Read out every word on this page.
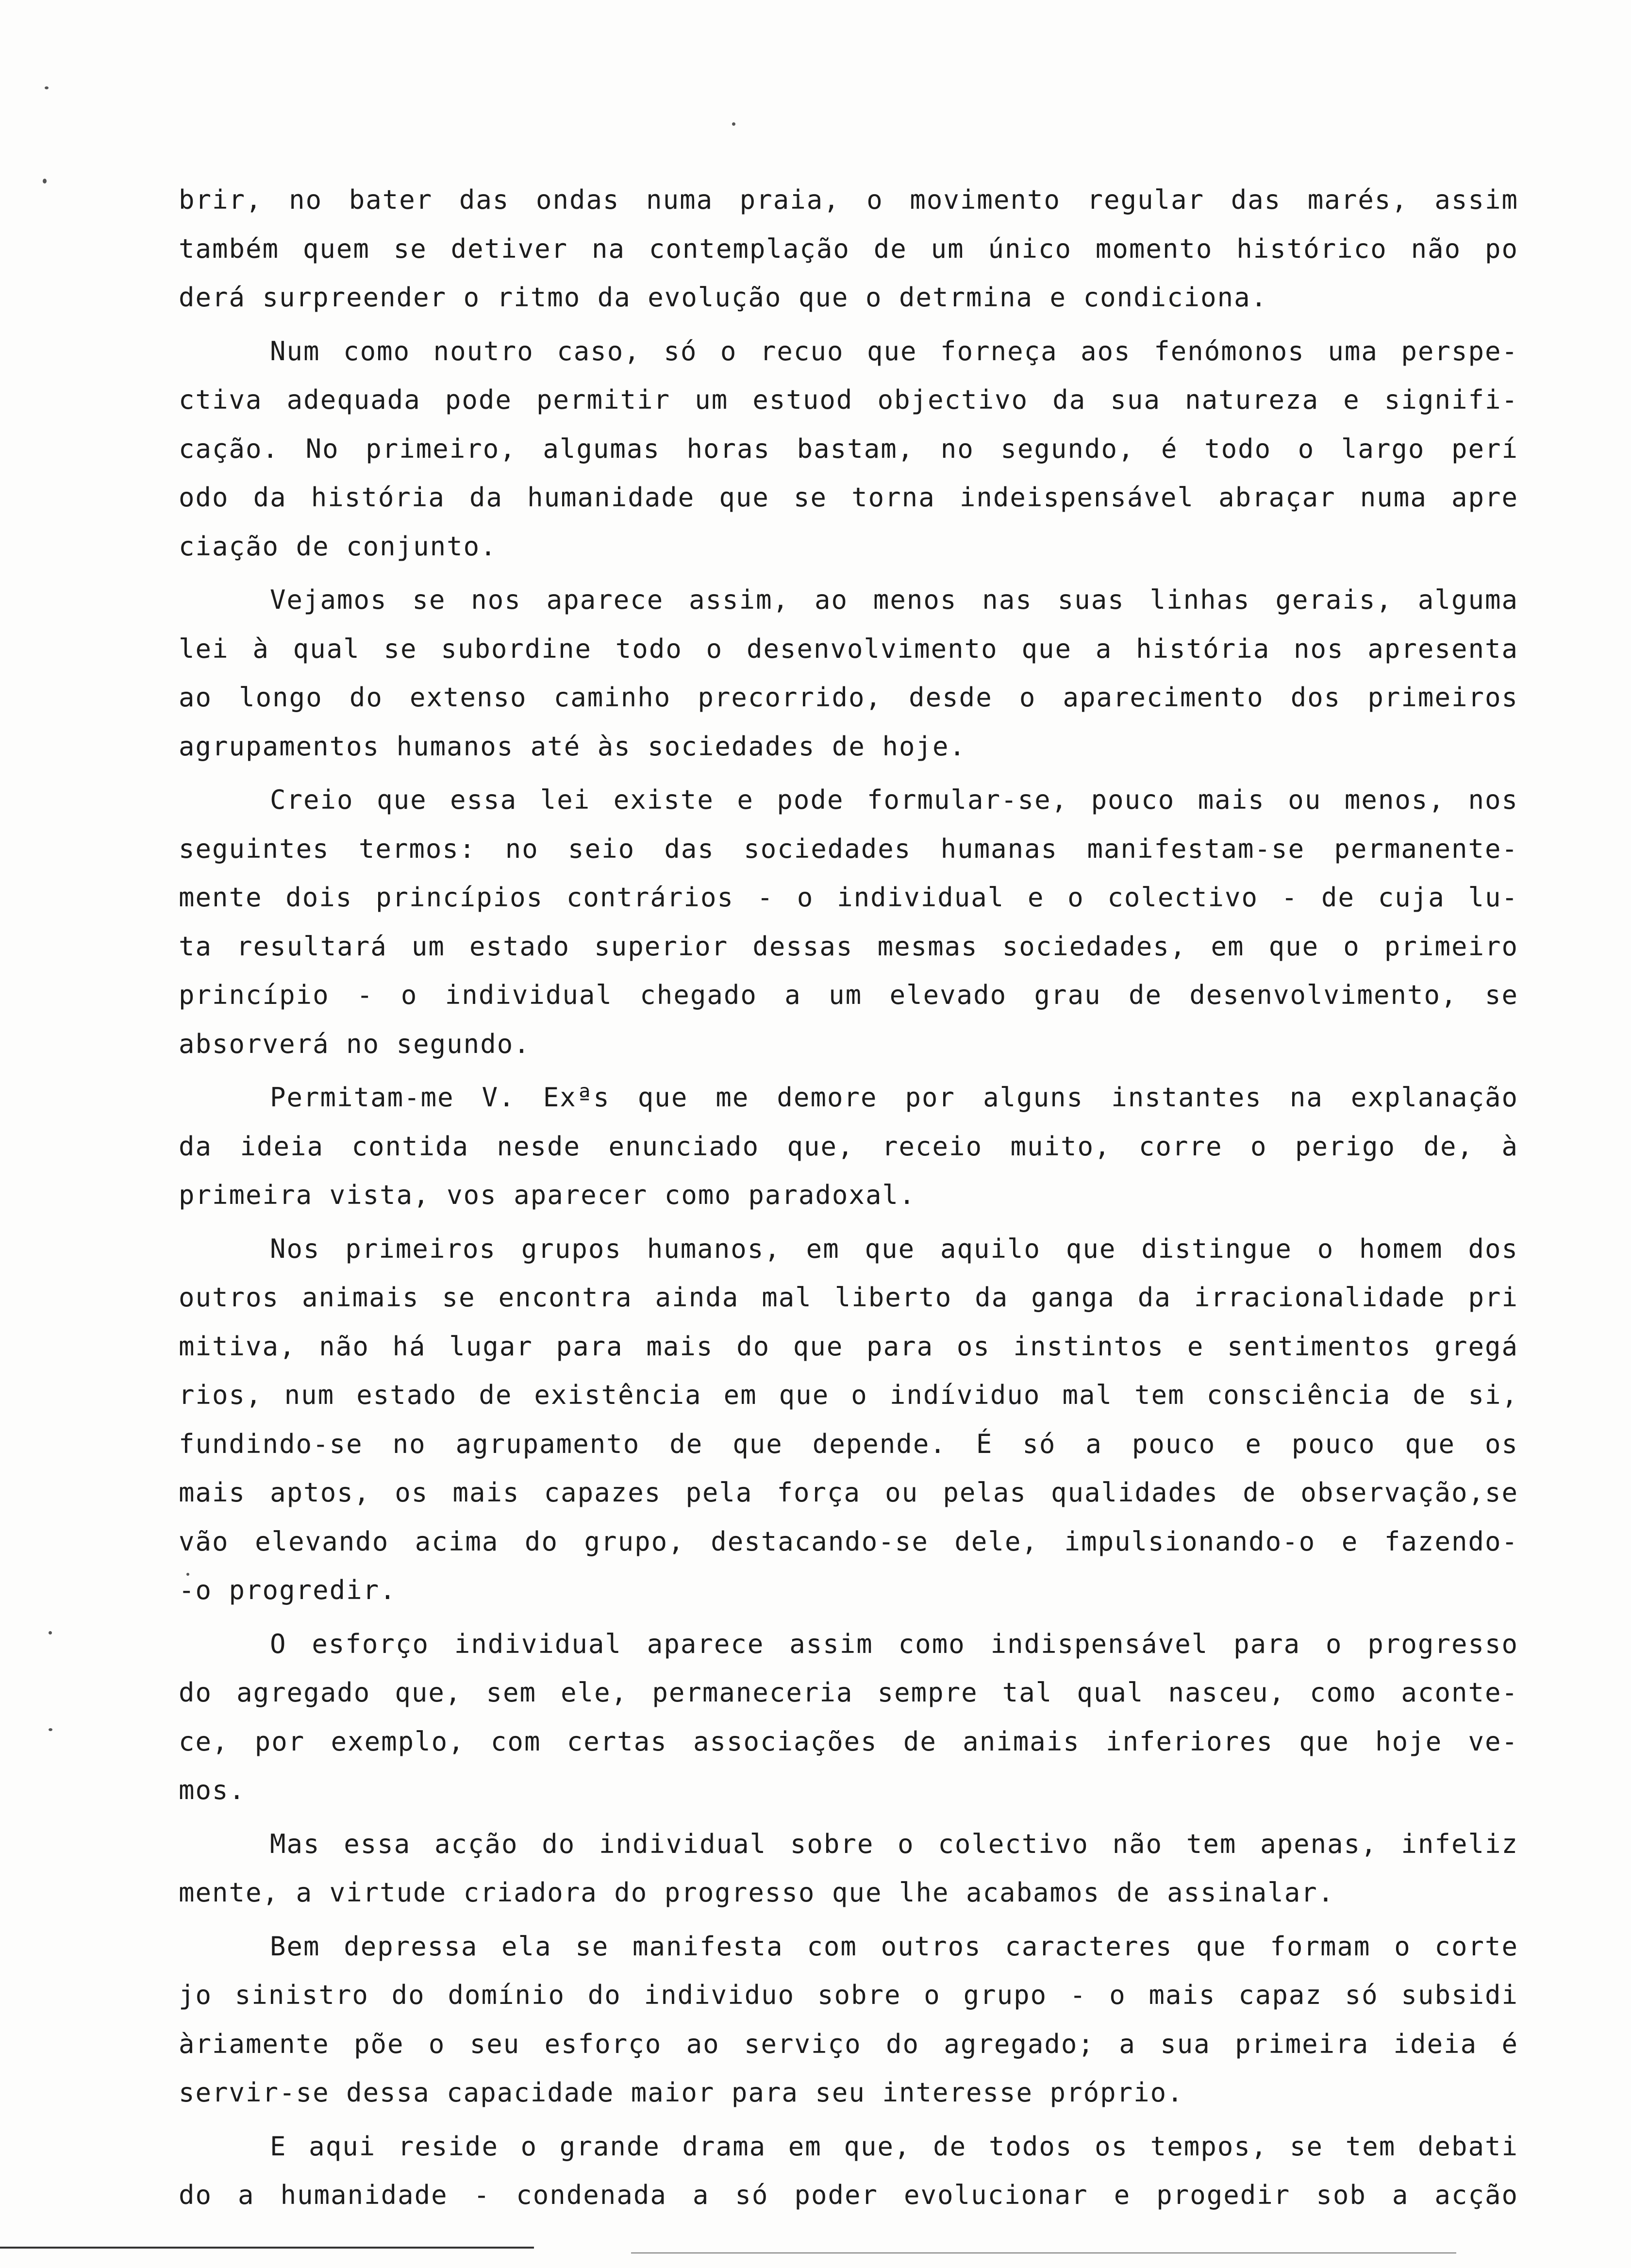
brir, no bater das ondas numa praia, o movimento regular das marés, assim
também quem se detiver na contemplação de um único momento histórico não po
derá surpreender o ritmo da evolução que o detrmina e condiciona.
Num como noutro caso, só o recuo que forneça aos fenómonos uma perspe-
ctiva adequada pode permitir um estuod objectivo da sua natureza e signifi-
cação. No primeiro, algumas horas bastam, no segundo, é todo o largo perí
odo da história da humanidade que se torna indeispensável abraçar numa apre
ciação de conjunto.
Vejamos se nos aparece assim, ao menos nas suas linhas gerais, alguma
lei à qual se subordine todo o desenvolvimento que a história nos apresenta
ao longo do extenso caminho precorrido, desde o aparecimento dos primeiros
agrupamentos humanos até às sociedades de hoje.
Creio que essa lei existe e pode formular-se, pouco mais ou menos, nos
seguintes termos: no seio das sociedades humanas manifestam-se permanente-
mente dois princípios contrários - o individual e o colectivo - de cuja lu-
ta resultará um estado superior dessas mesmas sociedades, em que o primeiro
princípio - o individual chegado a um elevado grau de desenvolvimento, se
absorverá no segundo.
Permitam-me V. Exªs que me demore por alguns instantes na explanação
da ideia contida nesde enunciado que, receio muito, corre o perigo de, à
primeira vista, vos aparecer como paradoxal.
Nos primeiros grupos humanos, em que aquilo que distingue o homem dos
outros animais se encontra ainda mal liberto da ganga da irracionalidade pri
mitiva, não há lugar para mais do que para os instintos e sentimentos gregá
rios, num estado de existência em que o indíviduo mal tem consciência de si,
fundindo-se no agrupamento de que depende. É só a pouco e pouco que os
mais aptos, os mais capazes pela força ou pelas qualidades de observação,se
vão elevando acima do grupo, destacando-se dele, impulsionando-o e fazendo-
-o progredir.
O esforço individual aparece assim como indispensável para o progresso
do agregado que, sem ele, permaneceria sempre tal qual nasceu, como aconte-
ce, por exemplo, com certas associações de animais inferiores que hoje ve-
mos.
Mas essa acção do individual sobre o colectivo não tem apenas, infeliz
mente, a virtude criadora do progresso que lhe acabamos de assinalar.
Bem depressa ela se manifesta com outros caracteres que formam o corte
jo sinistro do domínio do individuo sobre o grupo - o mais capaz só subsidi
àriamente põe o seu esforço ao serviço do agregado; a sua primeira ideia é
servir-se dessa capacidade maior para seu interesse próprio.
E aqui reside o grande drama em que, de todos os tempos, se tem debati
do a humanidade - condenada a só poder evolucionar e progedir sob a acção
